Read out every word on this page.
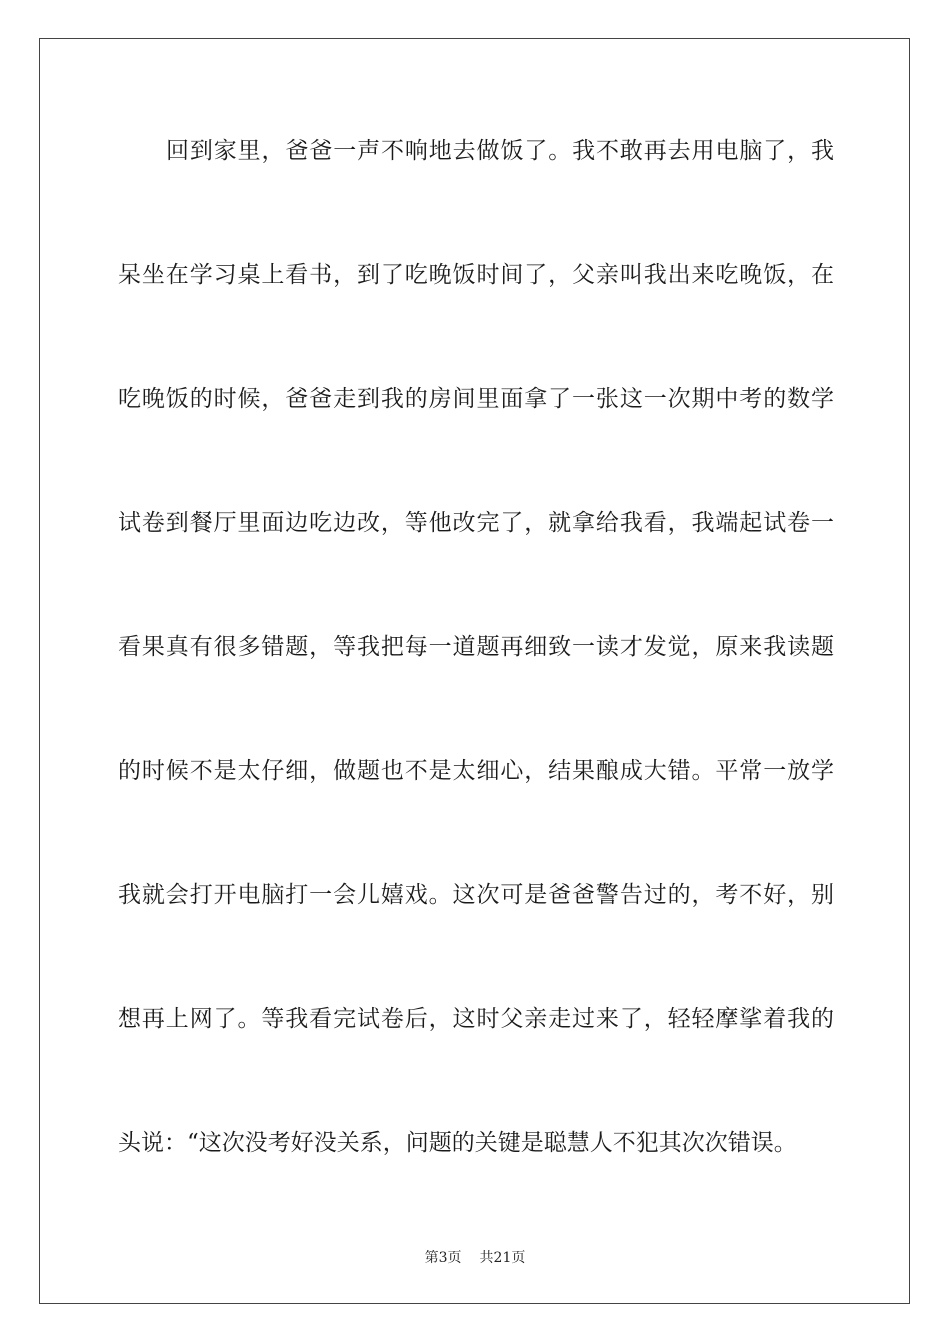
回到家里，爸爸一声不响地去做饭了。我不敢再去用电脑了，我
呆坐在学习桌上看书，到了吃晚饭时间了，父亲叫我出来吃晚饭，在
吃晚饭的时候，爸爸走到我的房间里面拿了一张这一次期中考的数学
试卷到餐厅里面边吃边改，等他改完了，就拿给我看，我端起试卷一
看果真有很多错题，等我把每一道题再细致一读才发觉，原来我读题
的时候不是太仔细，做题也不是太细心，结果酿成大错。平常一放学
我就会打开电脑打一会儿嬉戏。这次可是爸爸警告过的，考不好，别
想再上网了。等我看完试卷后，这时父亲走过来了，轻轻摩挲着我的
头说：“这次没考好没关系，问题的关键是聪慧人不犯其次次错误。
第3页 共21页
